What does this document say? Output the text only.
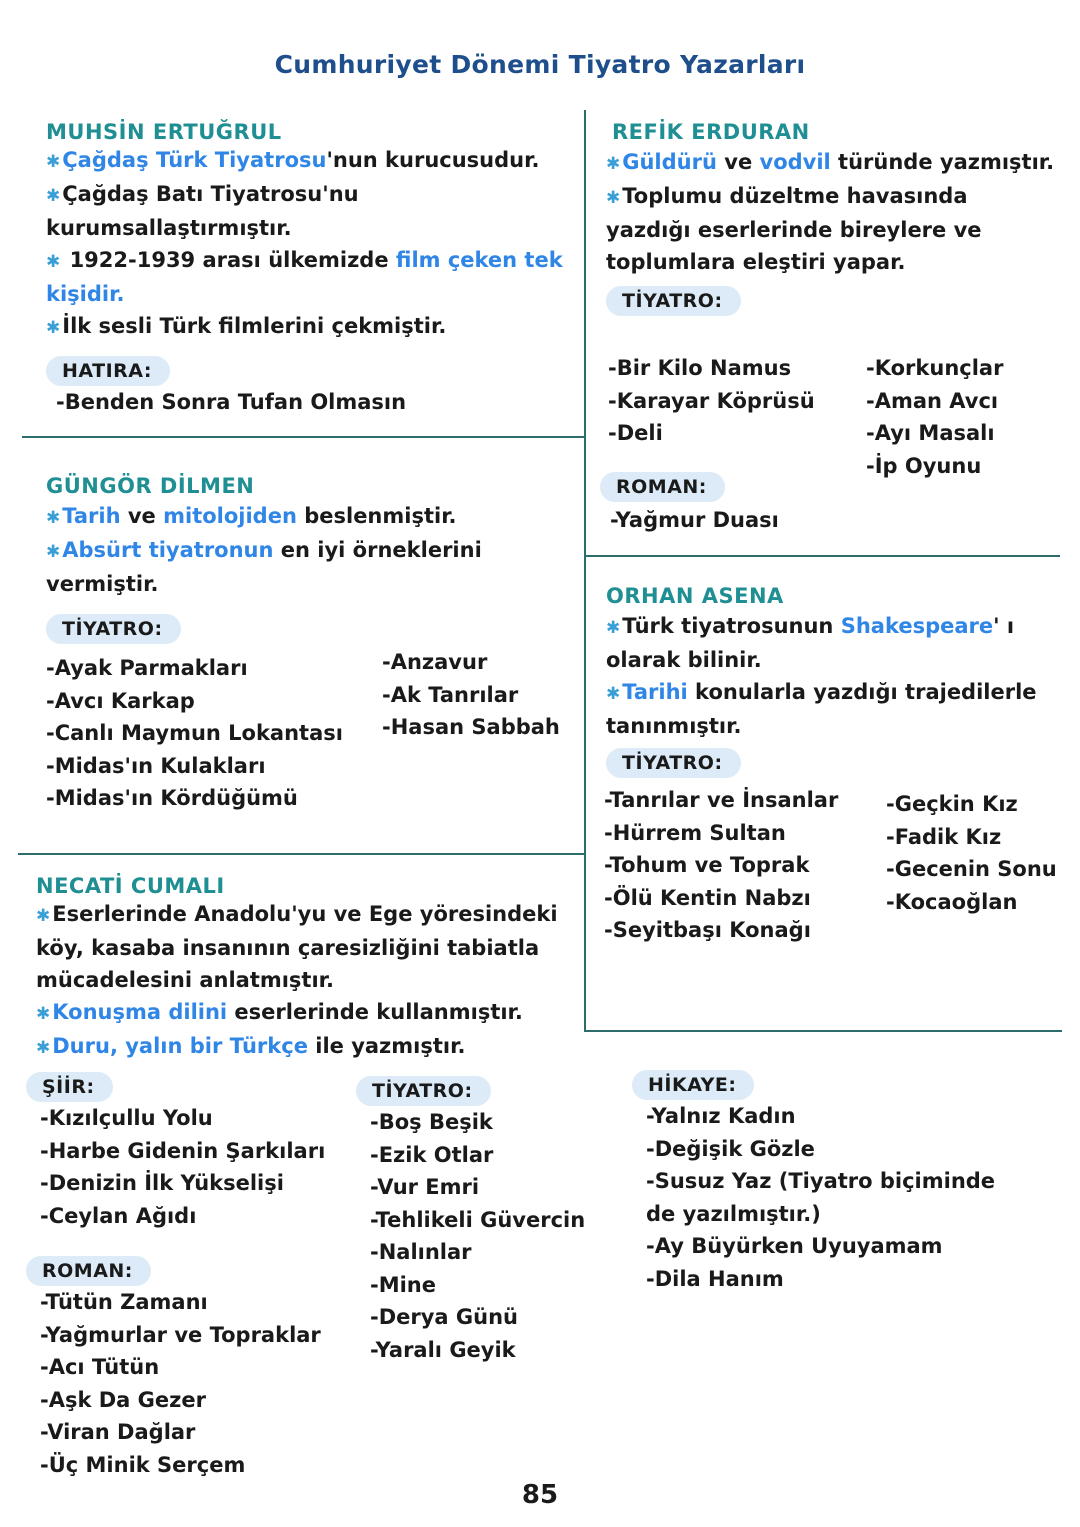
Cumhuriyet Dönemi Tiyatro Yazarları
MUHSİN ERTUĞRUL

✱Çağdaş Türk Tiyatrosu'nun kurucusudur.

✱Çağdaş Batı Tiyatrosu'nu kurumsallaştırmıştır.

✱ 1922-1939 arası ülkemizde film çeken tek kişidir.

✱İlk sesli Türk filmlerini çekmiştir.

HATIRA:
-Benden Sonra Tufan Olmasın
GÜNGÖR DİLMEN

✱Tarih ve mitolojiden beslenmiştir.

✱Absürt tiyatronun en iyi örneklerini vermiştir.

TİYATRO:
-Ayak Parmakları
-Avcı Karkap
-Canlı Maymun Lokantası
-Midas'ın Kulakları
-Midas'ın Kördüğümü
-Anzavur
-Ak Tanrılar
-Hasan Sabbah
REFİK ERDURAN

✱Güldürü ve vodvil türünde yazmıştır.

✱Toplumu düzeltme havasında yazdığı eserlerinde bireylere ve toplumlara eleştiri yapar.

TİYATRO:
-Bir Kilo Namus
-Karayar Köprüsü
-Deli
-Korkunçlar
-Aman Avcı
-Ayı Masalı
-İp Oyunu
ROMAN:
-Yağmur Duası
ORHAN ASENA

✱Türk tiyatrosunun Shakespeare' ı olarak bilinir.

✱Tarihi konularla yazdığı trajedilerle tanınmıştır.

TİYATRO:
-Tanrılar ve İnsanlar
-Hürrem Sultan
-Tohum ve Toprak
-Ölü Kentin Nabzı
-Seyitbaşı Konağı
-Geçkin Kız
-Fadik Kız
-Gecenin Sonu
-Kocaoğlan
NECATİ CUMALI

✱Eserlerinde Anadolu'yu ve Ege yöresindeki köy, kasaba insanının çaresizliğini tabiatla mücadelesini anlatmıştır.

✱Konuşma dilini eserlerinde kullanmıştır.

✱Duru, yalın bir Türkçe ile yazmıştır.

ŞİİR:
-Kızılçullu Yolu
-Harbe Gidenin Şarkıları
-Denizin İlk Yükselişi
-Ceylan Ağıdı
ROMAN:
-Tütün Zamanı
-Yağmurlar ve Topraklar
-Acı Tütün
-Aşk Da Gezer
-Viran Dağlar
-Üç Minik Serçem
TİYATRO:
-Boş Beşik
-Ezik Otlar
-Vur Emri
-Tehlikeli Güvercin
-Nalınlar
-Mine
-Derya Günü
-Yaralı Geyik
HİKAYE:
-Yalnız Kadın
-Değişik Gözle
-Susuz Yaz (Tiyatro biçiminde de yazılmıştır.)
-Ay Büyürken Uyuyamam
-Dila Hanım
85
